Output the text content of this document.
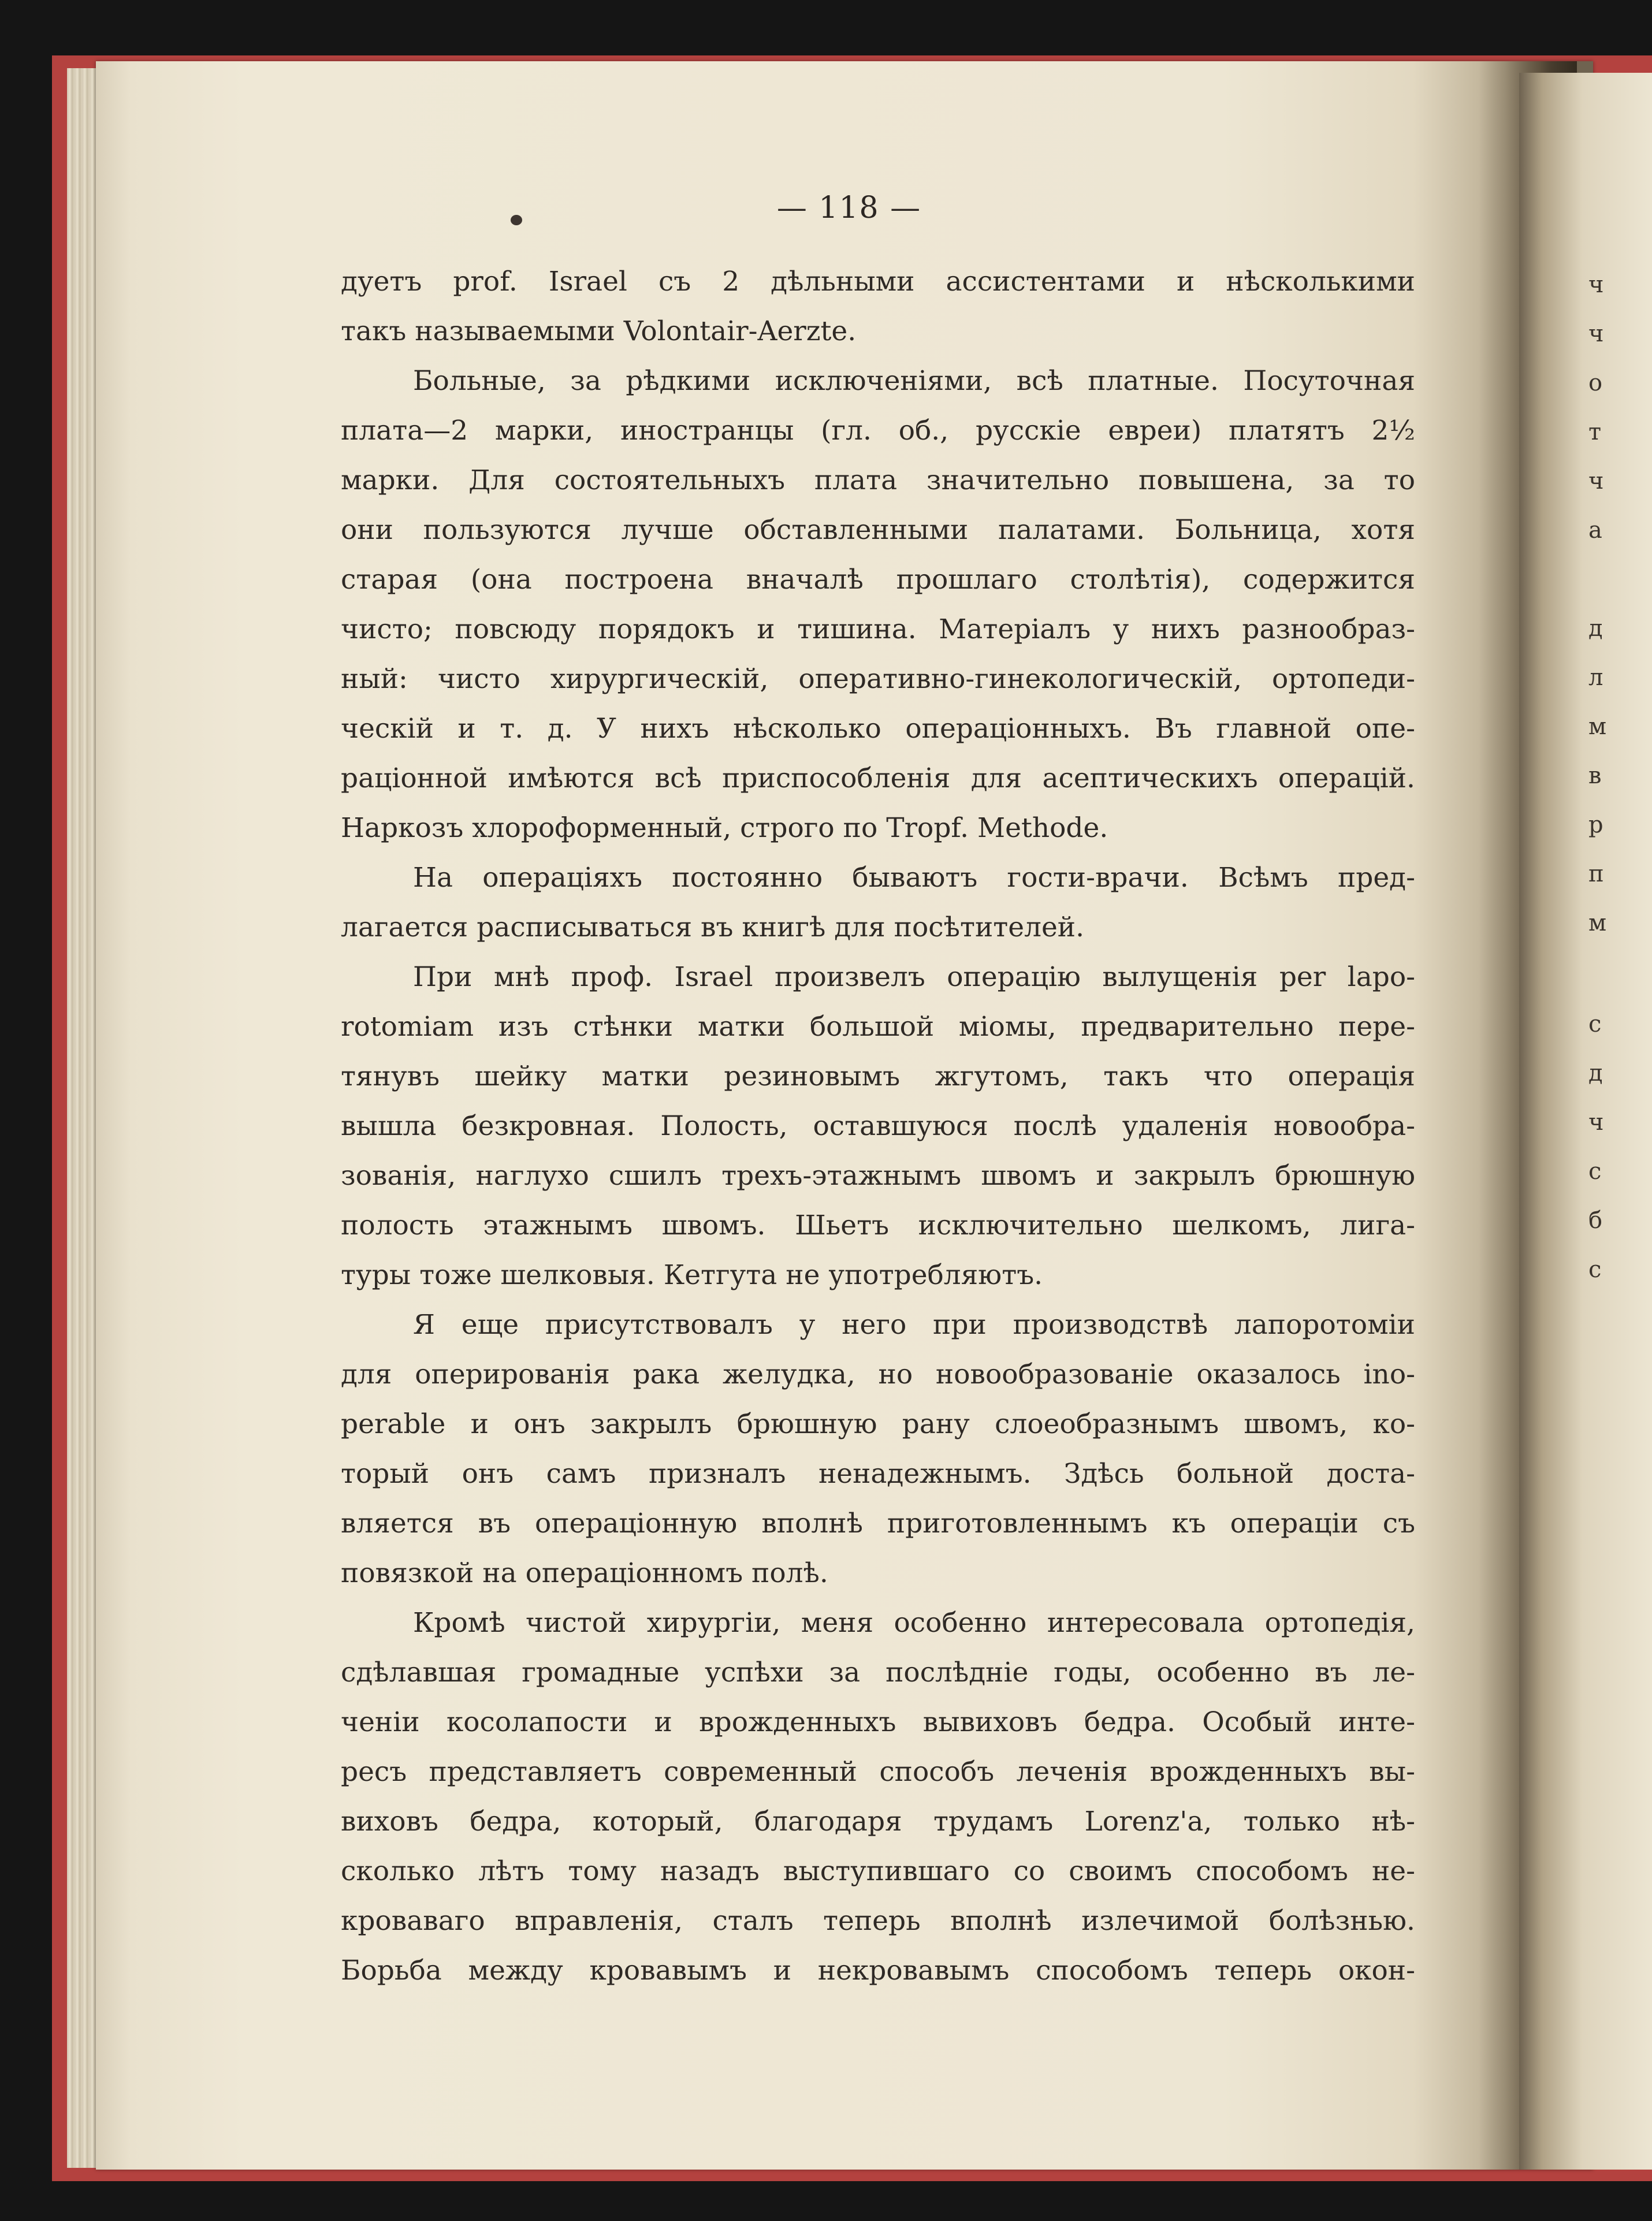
ч
ч
о
т
ч
а
д
л
м
в
р
п
м
с
д
ч
с
б
с
— 118 —
дуетъ prof. Israel съ 2 дѣльными ассистентами и нѣсколькими
такъ называемыми Volontair-Aerzte.
Больные, за рѣдкими исключеніями, всѣ платные. Посуточная
плата—2 марки, иностранцы (гл. об., русскіе евреи) платятъ 2½
марки. Для состоятельныхъ плата значительно повышена, за то
они пользуются лучше обставленными палатами. Больница, хотя
старая (она построена вначалѣ прошлаго столѣтія), содержится
чисто; повсюду порядокъ и тишина. Матеріалъ у нихъ разнообраз-
ный: чисто хирургическій, оперативно-гинекологическій, ортопеди-
ческій и т. д. У нихъ нѣсколько операціонныхъ. Въ главной опе-
раціонной имѣются всѣ приспособленія для асептическихъ операцій.
Наркозъ хлороформенный, строго по Tropf. Methode.
На операціяхъ постоянно бываютъ гости-врачи. Всѣмъ пред-
лагается расписываться въ книгѣ для посѣтителей.
При мнѣ проф. Israel произвелъ операцію вылущенія per lapo-
rotomiam изъ стѣнки матки большой міомы, предварительно пере-
тянувъ шейку матки резиновымъ жгутомъ, такъ что операція
вышла безкровная. Полость, оставшуюся послѣ удаленія новообра-
зованія, наглухо сшилъ трехъ-этажнымъ швомъ и закрылъ брюшную
полость этажнымъ швомъ. Шьетъ исключительно шелкомъ, лига-
туры тоже шелковыя. Кетгута не употребляютъ.
Я еще присутствовалъ у него при производствѣ лапоротоміи
для оперированія рака желудка, но новообразованіе оказалось ino-
perable и онъ закрылъ брюшную рану слоеобразнымъ швомъ, ко-
торый онъ самъ призналъ ненадежнымъ. Здѣсь больной доста-
вляется въ операціонную вполнѣ приготовленнымъ къ операціи съ
повязкой на операціонномъ полѣ.
Кромѣ чистой хирургіи, меня особенно интересовала ортопедія,
сдѣлавшая громадные успѣхи за послѣдніе годы, особенно въ ле-
ченіи косолапости и врожденныхъ вывиховъ бедра. Особый инте-
ресъ представляетъ современный способъ леченія врожденныхъ вы-
виховъ бедра, который, благодаря трудамъ Lorenz'a, только нѣ-
сколько лѣтъ тому назадъ выступившаго со своимъ способомъ не-
кроваваго вправленія, сталъ теперь вполнѣ излечимой болѣзнью.
Борьба между кровавымъ и некровавымъ способомъ теперь окон-
